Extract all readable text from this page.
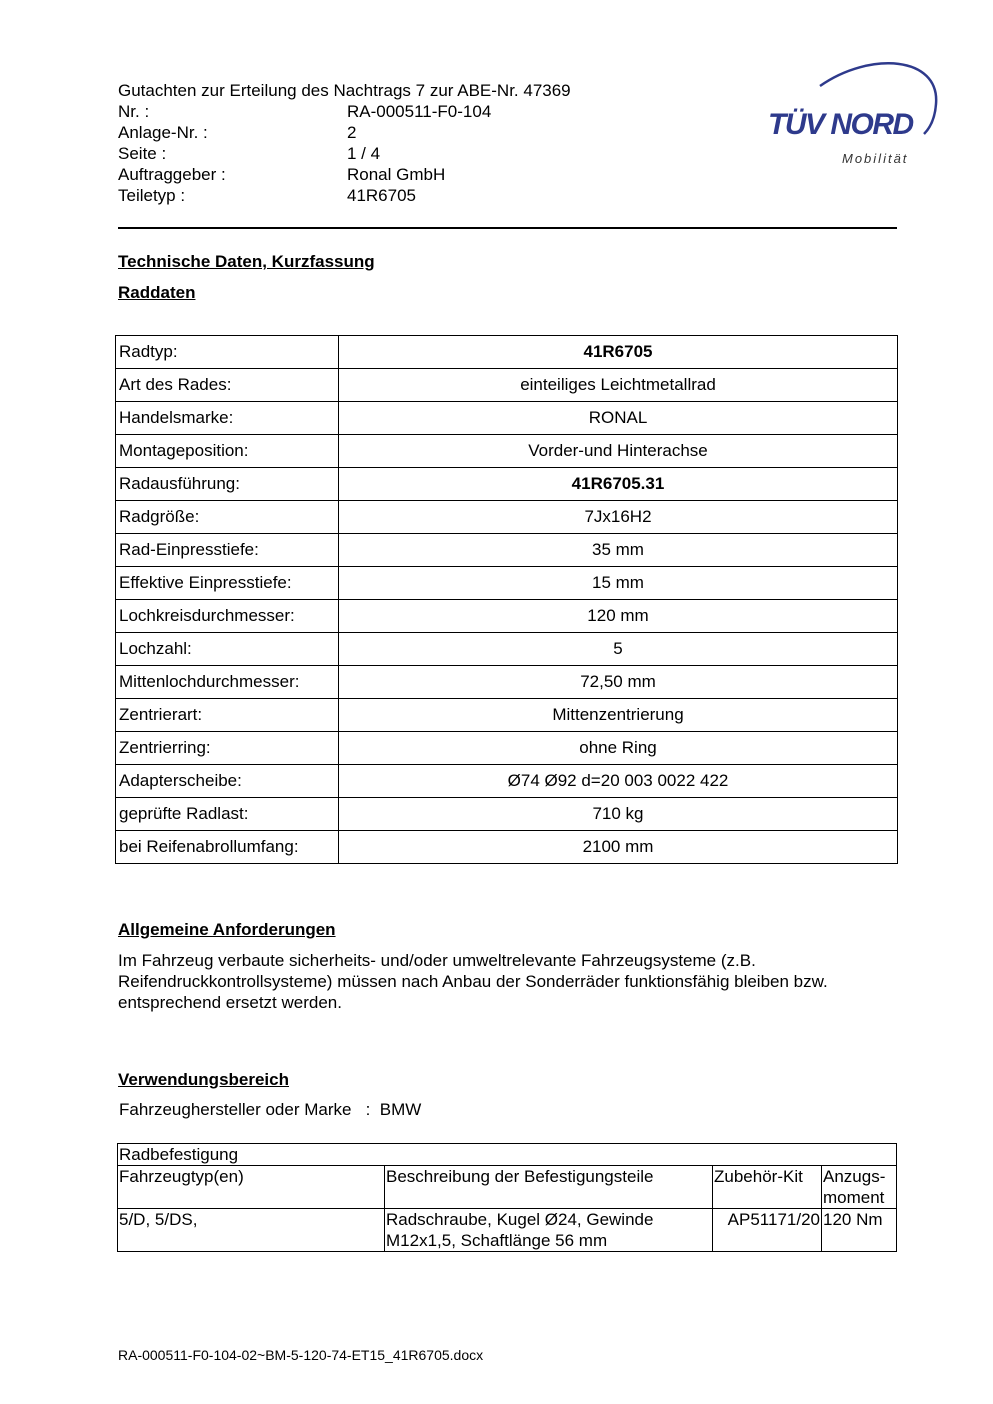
Gutachten zur Erteilung des Nachtrags 7 zur ABE-Nr. 47369
Nr. :	RA-000511-F0-104
Anlage-Nr. :	2
Seite :	1 / 4
Auftraggeber :	Ronal GmbH
Teiletyp :	41R6705
TÜV NORD
Mobilität
Technische Daten, Kurzfassung
Raddaten
Radtyp:	41R6705
Art des Rades:	einteiliges Leichtmetallrad
Handelsmarke:	RONAL
Montageposition:	Vorder-und Hinterachse
Radausführung:	41R6705.31
Radgröße:	7Jx16H2
Rad-Einpresstiefe:	35 mm
Effektive Einpresstiefe:	15 mm
Lochkreisdurchmesser:	120 mm
Lochzahl:	5
Mittenlochdurchmesser:	72,50 mm
Zentrierart:	Mittenzentrierung
Zentrierring:	ohne Ring
Adapterscheibe:	Ø74 Ø92 d=20 003 0022 422
geprüfte Radlast:	710 kg
bei Reifenabrollumfang:	2100 mm
Allgemeine Anforderungen
Im Fahrzeug verbaute sicherheits- und/oder umweltrelevante Fahrzeugsysteme (z.B. Reifendruckkontrollsysteme) müssen nach Anbau der Sonderräder funktionsfähig bleiben bzw. entsprechend ersetzt werden.
Verwendungsbereich
Fahrzeughersteller oder Marke   :  BMW
Radbefestigung			
Fahrzeugtyp(en)	Beschreibung der Befestigungsteile	Zubehör-Kit	Anzugs-moment
5/D, 5/DS,	Radschraube, Kugel Ø24, Gewinde M12x1,5, Schaftlänge 56 mm	AP51171/20	120 Nm
RA-000511-F0-104-02~BM-5-120-74-ET15_41R6705.docx
